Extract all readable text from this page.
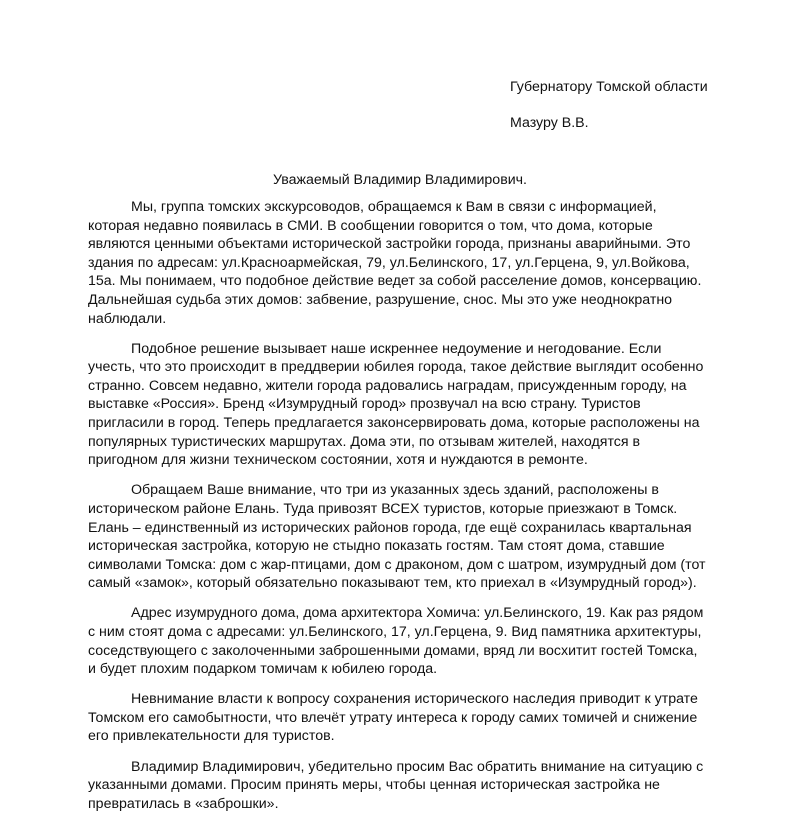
Губернатору Томской области
Мазуру В.В.
Уважаемый Владимир Владимирович.

Мы, группа томских экскурсоводов, обращаемся к Вам в связи с информацией, которая недавно появилась в СМИ. В сообщении говорится о том, что дома, которые являются ценными объектами исторической застройки города, признаны аварийными. Это здания по адресам: ул.Красноармейская, 79, ул.Белинского, 17, ул.Герцена, 9, ул.Войкова, 15а. Мы понимаем, что подобное действие ведет за собой расселение домов, консервацию. Дальнейшая судьба этих домов: забвение, разрушение, снос. Мы это уже неоднократно наблюдали.

Подобное решение вызывает наше искреннее недоумение и негодование. Если учесть, что это происходит в преддверии юбилея города, такое действие выглядит особенно странно. Совсем недавно, жители города радовались наградам, присужденным городу, на выставке «Россия». Бренд «Изумрудный город» прозвучал на всю страну. Туристов пригласили в город. Теперь предлагается законсервировать дома, которые расположены на популярных туристических маршрутах. Дома эти, по отзывам жителей, находятся в пригодном для жизни техническом состоянии, хотя и нуждаются в ремонте.

Обращаем Ваше внимание, что три из указанных здесь зданий, расположены в историческом районе Елань. Туда привозят ВСЕХ туристов, которые приезжают в Томск. Елань – единственный из исторических районов города, где ещё сохранилась квартальная историческая застройка, которую не стыдно показать гостям. Там стоят дома, ставшие символами Томска: дом с жар-птицами, дом с драконом, дом с шатром, изумрудный дом (тот самый «замок», который обязательно показывают тем, кто приехал в «Изумрудный город»).

Адрес изумрудного дома, дома архитектора Хомича: ул.Белинского, 19. Как раз рядом с ним стоят дома с адресами: ул.Белинского, 17, ул.Герцена, 9. Вид памятника архитектуры, соседствующего с заколоченными заброшенными домами, вряд ли восхитит гостей Томска, и будет плохим подарком томичам к юбилею города.

Невнимание власти к вопросу сохранения исторического наследия приводит к утрате Томском его самобытности, что влечёт утрату интереса к городу самих томичей и снижение его привлекательности для туристов.

Владимир Владимирович, убедительно просим Вас обратить внимание на ситуацию с указанными домами. Просим принять меры, чтобы ценная историческая застройка не превратилась в «заброшки».
